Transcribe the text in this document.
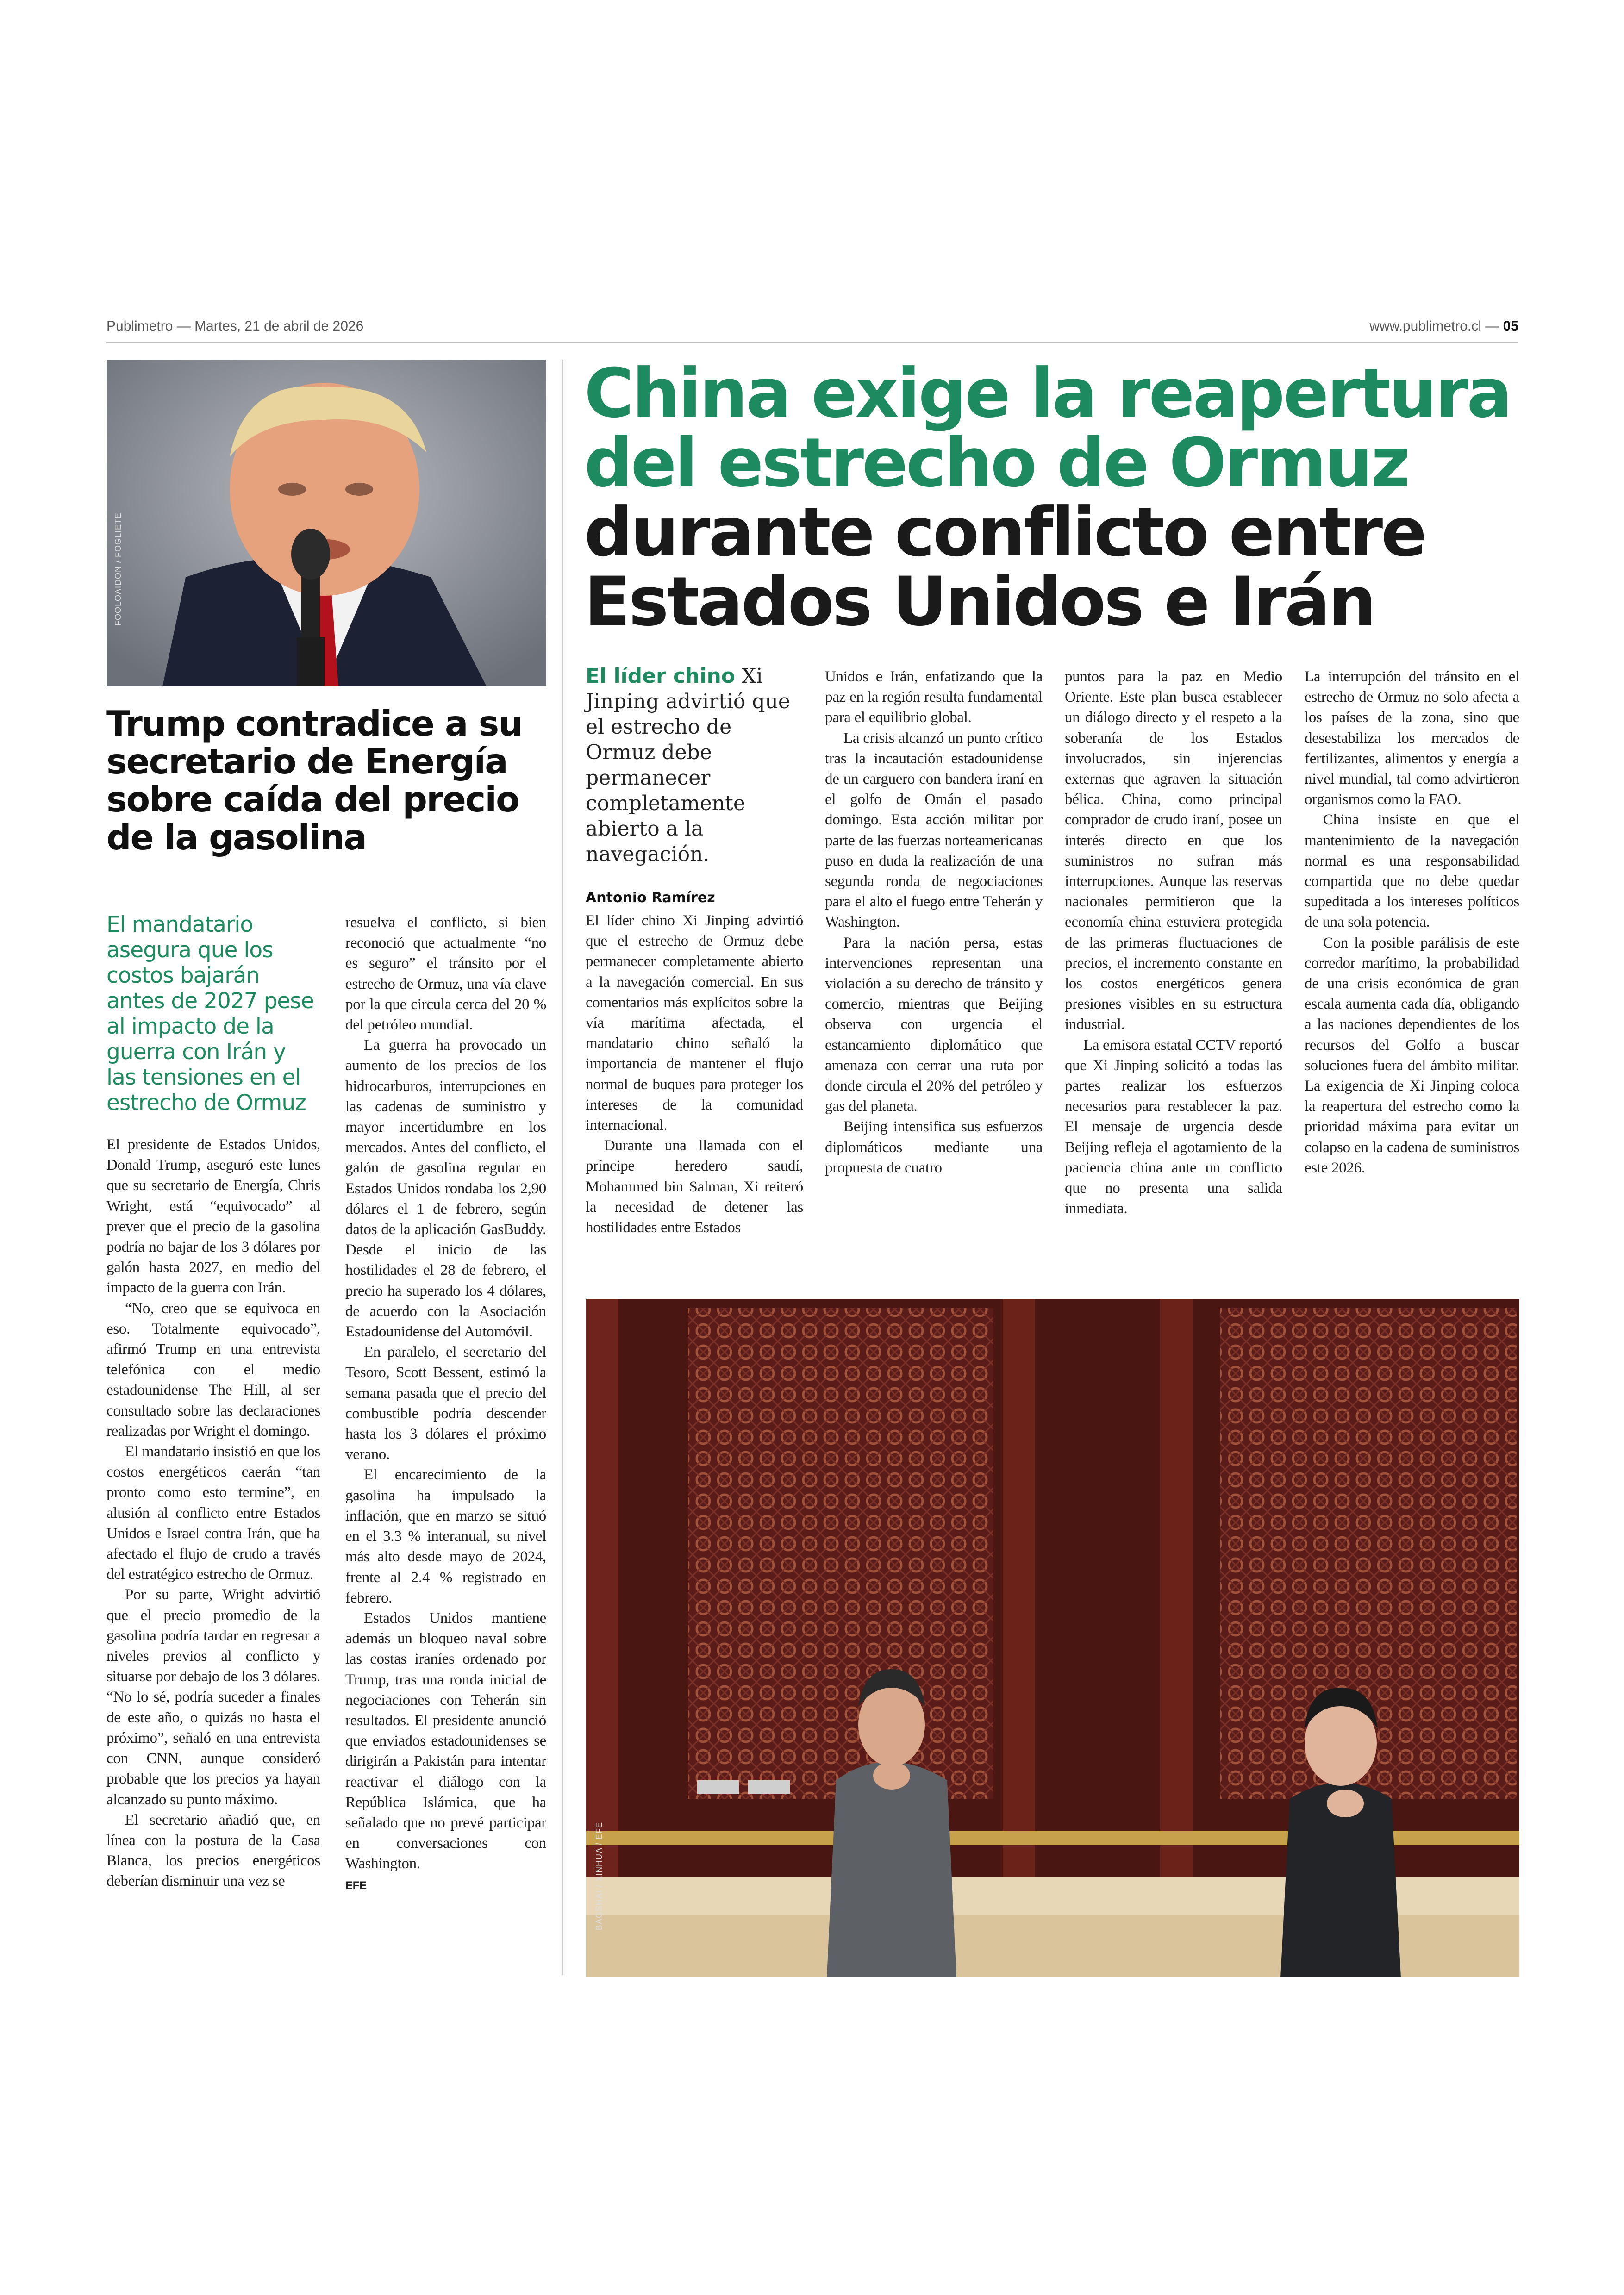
Publimetro — Martes, 21 de abril de 2026	www.publimetro.cl — 05
FOOLOAIDON / FOGLIETE
Trump contradice a su secretario de Energía sobre caída del precio de la gasolina
El mandatario asegura que los costos bajarán antes de 2027 pese al impacto de la guerra con Irán y las tensiones en el estrecho de Ormuz

El presidente de Estados Unidos, Donald Trump, aseguró este lunes que su secretario de Energía, Chris Wright, está “equivocado” al prever que el precio de la gasolina podría no bajar de los 3 dólares por galón hasta 2027, en medio del impacto de la guerra con Irán.

“No, creo que se equivoca en eso. Totalmente equivocado”, afirmó Trump en una entrevista telefónica con el medio estadounidense The Hill, al ser consultado sobre las declaraciones realizadas por Wright el domingo.

El mandatario insistió en que los costos energéticos caerán “tan pronto como esto termine”, en alusión al conflicto entre Estados Unidos e Israel contra Irán, que ha afectado el flujo de crudo a través del estratégico estrecho de Ormuz.

Por su parte, Wright advirtió que el precio promedio de la gasolina podría tardar en regresar a niveles previos al conflicto y situarse por debajo de los 3 dólares. “No lo sé, podría suceder a finales de este año, o quizás no hasta el próximo”, señaló en una entrevista con CNN, aunque consideró probable que los precios ya hayan alcanzado su punto máximo.

El secretario añadió que, en línea con la postura de la Casa Blanca, los precios energéticos deberían disminuir una vez se

resuelva el conflicto, si bien reconoció que actualmente “no es seguro” el tránsito por el estrecho de Ormuz, una vía clave por la que circula cerca del 20 % del petróleo mundial.

La guerra ha provocado un aumento de los precios de los hidrocarburos, interrupciones en las cadenas de suministro y mayor incertidumbre en los mercados. Antes del conflicto, el galón de gasolina regular en Estados Unidos rondaba los 2,90 dólares el 1 de febrero, según datos de la aplicación GasBuddy. Desde el inicio de las hostilidades el 28 de febrero, el precio ha superado los 4 dólares, de acuerdo con la Asociación Estadounidense del Automóvil.

En paralelo, el secretario del Tesoro, Scott Bessent, estimó la semana pasada que el precio del combustible podría descender hasta los 3 dólares el próximo verano.

El encarecimiento de la gasolina ha impulsado la inflación, que en marzo se situó en el 3.3 % interanual, su nivel más alto desde mayo de 2024, frente al 2.4 % registrado en febrero.

Estados Unidos mantiene además un bloqueo naval sobre las costas iraníes ordenado por Trump, tras una ronda inicial de negociaciones con Teherán sin resultados. El presidente anunció que enviados estadounidenses se dirigirán a Pakistán para intentar reactivar el diálogo con la República Islámica, que ha señalado que no prevé participar en conversaciones con Washington.

EFE
China exige la reapertura
del estrecho de Ormuz
durante conflicto entre
Estados Unidos e Irán
El líder chino Xi Jinping advirtió que el estrecho de Ormuz debe permanecer completamente abierto a la navegación.
Antonio Ramírez

El líder chino Xi Jinping advirtió que el estrecho de Ormuz debe permanecer completamente abierto a la navegación comercial. En sus comentarios más explícitos sobre la vía marítima afectada, el mandatario chino señaló la importancia de mantener el flujo normal de buques para proteger los intereses de la comunidad internacional.

Durante una llamada con el príncipe heredero saudí, Mohammed bin Salman, Xi reiteró la necesidad de detener las hostilidades entre Estados

Unidos e Irán, enfatizando que la paz en la región resulta fundamental para el equilibrio global.

La crisis alcanzó un punto crítico tras la incautación estadounidense de un carguero con bandera iraní en el golfo de Omán el pasado domingo. Esta acción militar por parte de las fuerzas norteamericanas puso en duda la realización de una segunda ronda de negociaciones para el alto el fuego entre Teherán y Washington.

Para la nación persa, estas intervenciones representan una violación a su derecho de tránsito y comercio, mientras que Beijing observa con urgencia el estancamiento diplomático que amenaza con cerrar una ruta por donde circula el 20% del petróleo y gas del planeta.

Beijing intensifica sus esfuerzos diplomáticos mediante una propuesta de cuatro

puntos para la paz en Medio Oriente. Este plan busca establecer un diálogo directo y el respeto a la soberanía de los Estados involucrados, sin injerencias externas que agraven la situación bélica. China, como principal comprador de crudo iraní, posee un interés directo en que los suministros no sufran más interrupciones. Aunque las reservas nacionales permitieron que la economía china estuviera protegida de las primeras fluctuaciones de precios, el incremento constante en los costos energéticos genera presiones visibles en su estructura industrial.

La emisora estatal CCTV reportó que Xi Jinping solicitó a todas las partes realizar los esfuerzos necesarios para restablecer la paz. El mensaje de urgencia desde Beijing refleja el agotamiento de la paciencia china ante un conflicto que no presenta una salida inmediata.

La interrupción del tránsito en el estrecho de Ormuz no solo afecta a los países de la zona, sino que desestabiliza los mercados de fertilizantes, alimentos y energía a nivel mundial, tal como advirtieron organismos como la FAO.

China insiste en que el mantenimiento de la navegación normal es una responsabilidad compartida que no debe quedar supeditada a los intereses políticos de una sola potencia.

Con la posible parálisis de este corredor marítimo, la probabilidad de una crisis económica de gran escala aumenta cada día, obligando a las naciones dependientes de los recursos del Golfo a buscar soluciones fuera del ámbito militar. La exigencia de Xi Jinping coloca la reapertura del estrecho como la prioridad máxima para evitar un colapso en la cadena de suministros este 2026.

BAGSHAI / XINHUA / EFE
